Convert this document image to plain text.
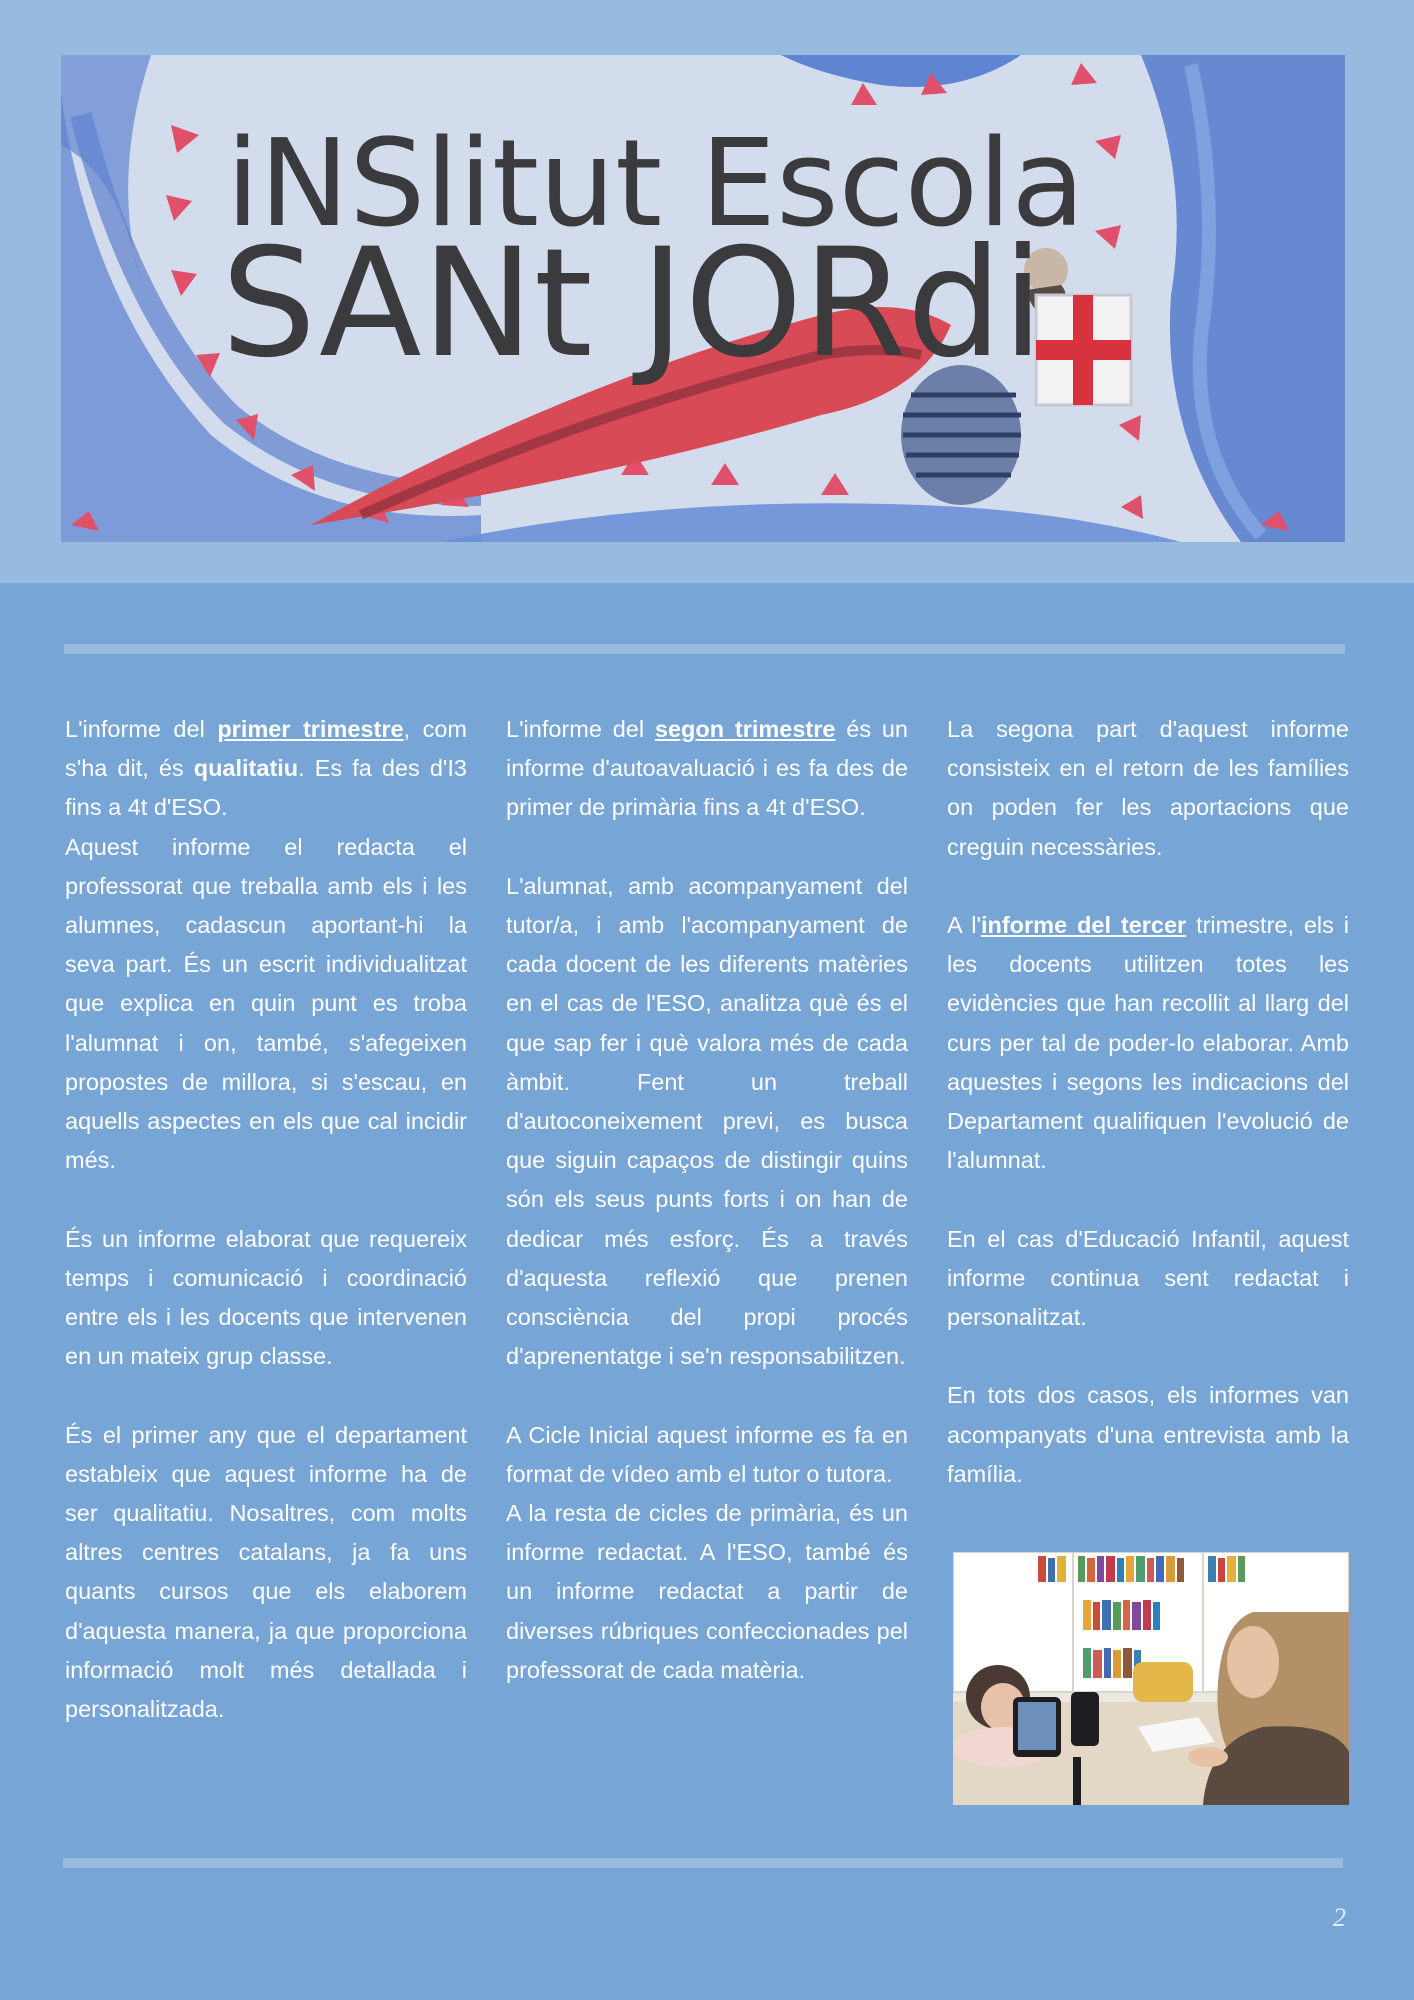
iNSlitut Escola
SANt JORdi

L'informe del primer trimestre, com s'ha dit, és qualitatiu. Es fa des d'I3 fins a 4t d'ESO.

Aquest informe el redacta el professorat que treballa amb els i les alumnes, cadascun aportant-hi la seva part. És un escrit individualitzat que explica en quin punt es troba l'alumnat i on, també, s'afegeixen propostes de millora, si s'escau, en aquells aspectes en els que cal incidir més.

És un informe elaborat que requereix temps i comunicació i coordinació entre els i les docents que intervenen en un mateix grup classe.

És el primer any que el departament estableix que aquest informe ha de ser qualitatiu. Nosaltres, com molts altres centres catalans, ja fa uns quants cursos que els elaborem d'aquesta manera, ja que proporciona informació molt més detallada i personalitzada.

L'informe del segon trimestre és un informe d'autoavaluació i es fa des de primer de primària fins a 4t d'ESO.

L'alumnat, amb acompanyament del tutor/a, i amb l'acompanyament de cada docent de les diferents matèries en el cas de l'ESO, analitza què és el que sap fer i què valora més de cada àmbit. Fent un treball d'autoconeixement previ, es busca que siguin capaços de distingir quins són els seus punts forts i on han de dedicar més esforç. És a través d'aquesta reflexió que prenen consciència del propi procés d'aprenentatge i se'n responsabilitzen.

A Cicle Inicial aquest informe es fa en format de vídeo amb el tutor o tutora.

A la resta de cicles de primària, és un informe redactat. A l'ESO, també és un informe redactat a partir de diverses rúbriques confeccionades pel professorat de cada matèria.

La segona part d'aquest informe consisteix en el retorn de les famílies on poden fer les aportacions que creguin necessàries.

A l'informe del tercer trimestre, els i les docents utilitzen totes les evidències que han recollit al llarg del curs per tal de poder-lo elaborar. Amb aquestes i segons les indicacions del Departament qualifiquen l'evolució de l'alumnat.

En el cas d'Educació Infantil, aquest informe continua sent redactat i personalitzat.

En tots dos casos, els informes van acompanyats d'una entrevista amb la família.

2
